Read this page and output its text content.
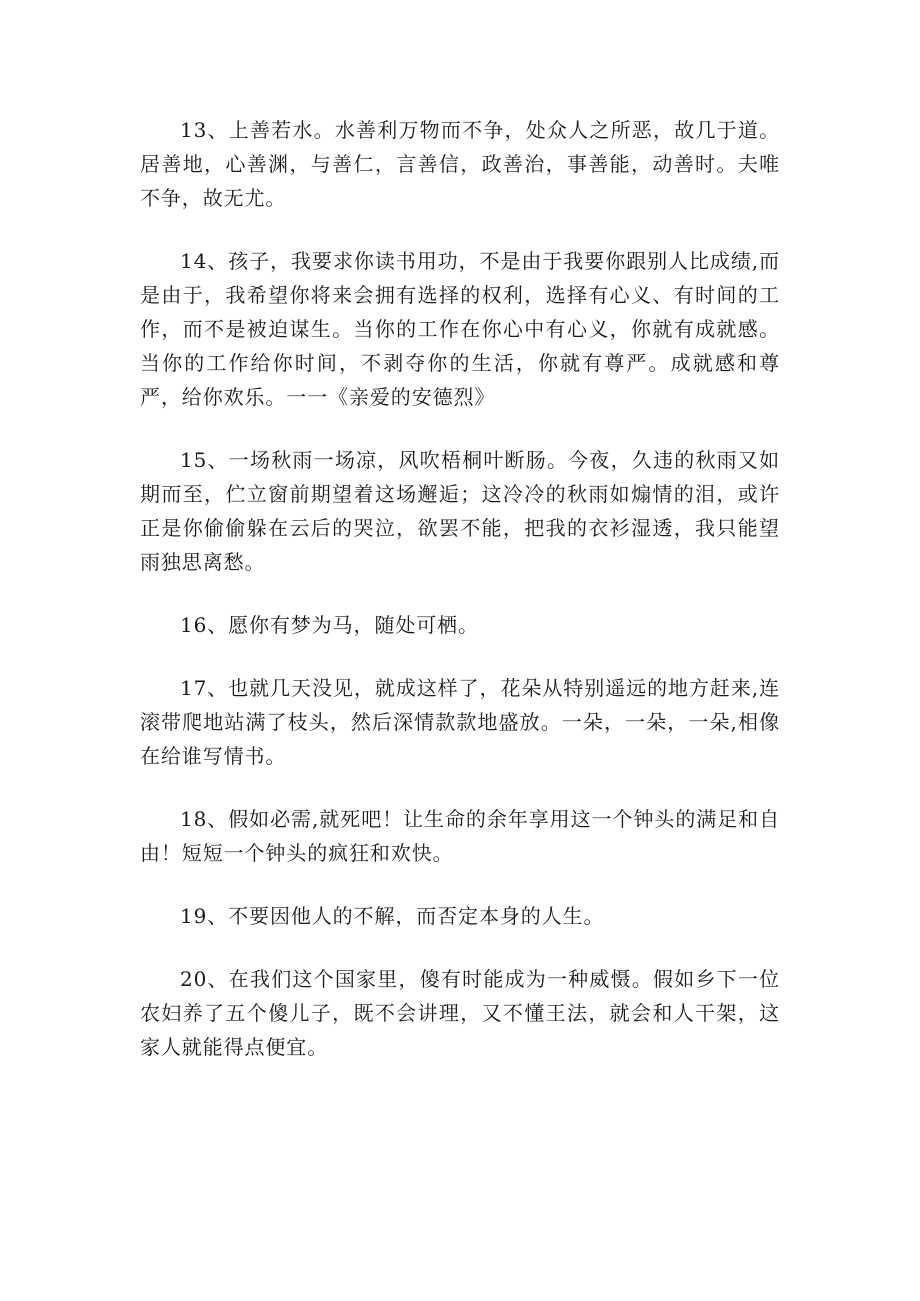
13、上善若水。水善利万物而不争，处众人之所恶，故几于道。居善地，心善渊，与善仁，言善信，政善治，事善能，动善时。夫唯不争，故无尤。

14、孩子，我要求你读书用功，不是由于我要你跟别人比成绩,而是由于，我希望你将来会拥有选择的权利，选择有心义、有时间的工作，而不是被迫谋生。当你的工作在你心中有心义，你就有成就感。当你的工作给你时间，不剥夺你的生活，你就有尊严。成就感和尊严，给你欢乐。一一《亲爱的安德烈》

15、一场秋雨一场凉，风吹梧桐叶断肠。今夜，久违的秋雨又如期而至，伫立窗前期望着这场邂逅；这冷冷的秋雨如煽情的泪，或许正是你偷偷躲在云后的哭泣，欲罢不能，把我的衣衫湿透，我只能望雨独思离愁。

16、愿你有梦为马，随处可栖。

17、也就几天没见，就成这样了，花朵从特别遥远的地方赶来,连滚带爬地站满了枝头，然后深情款款地盛放。一朵，一朵，一朵,相像在给谁写情书。

18、假如必需,就死吧！让生命的余年享用这一个钟头的满足和自由！短短一个钟头的疯狂和欢快。

19、不要因他人的不解，而否定本身的人生。

20、在我们这个国家里，傻有时能成为一种威慑。假如乡下一位农妇养了五个傻儿子，既不会讲理，又不懂王法，就会和人干架，这家人就能得点便宜。
